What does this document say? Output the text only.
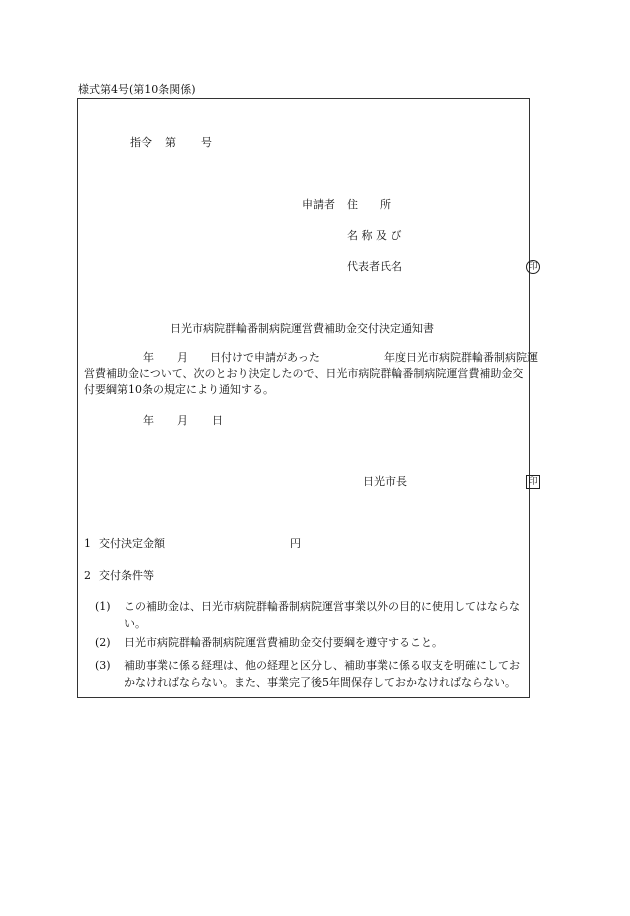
様式第4号(第10条関係)
指令 第 号
申請者 住　　所
名 称 及 び
代表者氏名	印
日光市病院群輪番制病院運営費補助金交付決定通知書
年 月 日付けで申請があった	年度日光市病院群輪番制病院運
営費補助金について、次のとおり決定したので、日光市病院群輪番制病院運営費補助金交
付要綱第10条の規定により通知する。
年 月 日
日光市長	印
1 交付決定金額	円
2 交付条件等
(1) この補助金は、日光市病院群輪番制病院運営事業以外の目的に使用してはならない。
(2) 日光市病院群輪番制病院運営費補助金交付要綱を遵守すること。
(3) 補助事業に係る経理は、他の経理と区分し、補助事業に係る収支を明確にしておかなければならない。また、事業完了後5年間保存しておかなければならない。
